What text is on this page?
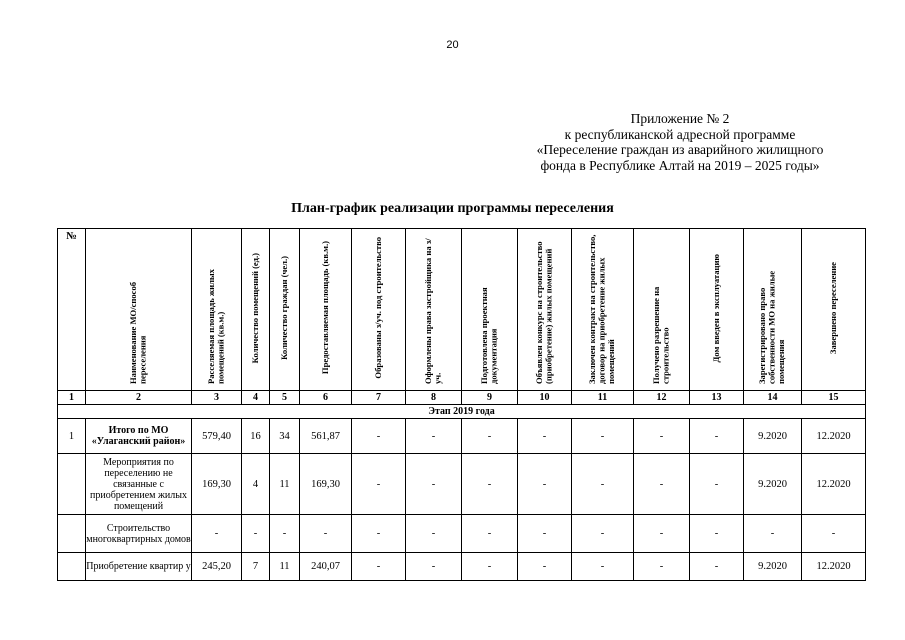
20
Приложение № 2
к республиканской адресной программе
«Переселение граждан из аварийного жилищного
фонда в Республике Алтай на 2019 – 2025 годы»
План-график реализации программы переселения
№	Наименование МО/способ переселения	Расселяемая площадь жилых помещений (кв.м.)	Количество помещений (ед.)	Количество граждан (чел.)	Предоставляемая площадь (кв.м.)	Образованы з/уч. под строительство	Оформлены права застройщика на з/уч.	Подготовлена проектная документация	Объявлен конкурс на строительство (приобретение) жилых помещений	Заключен контракт на строительство, договор на приобретение жилых помещений	Получено разрешение на строительство	Дом введен в эксплуатацию	Зарегистрировано право собственности МО на жилые помещения	Завершено переселение
1	2	3	4	5	6	7	8	9	10	11	12	13	14	15
Этап 2019 года														
1	Итого по МО «Улаганский район»	579,40	16	34	561,87	-	-	-	-	-	-	-	9.2020	12.2020
	Мероприятия по переселению не связанные с приобретением жилых помещений	169,30	4	11	169,30	-	-	-	-	-	-	-	9.2020	12.2020
	Строительство многоквартирных домов	-	-	-	-	-	-	-	-	-	-	-	-	-

	Приобретение квартир у	245,20	7	11	240,07	-	-	-	-	-	-	-	9.2020	12.2020
